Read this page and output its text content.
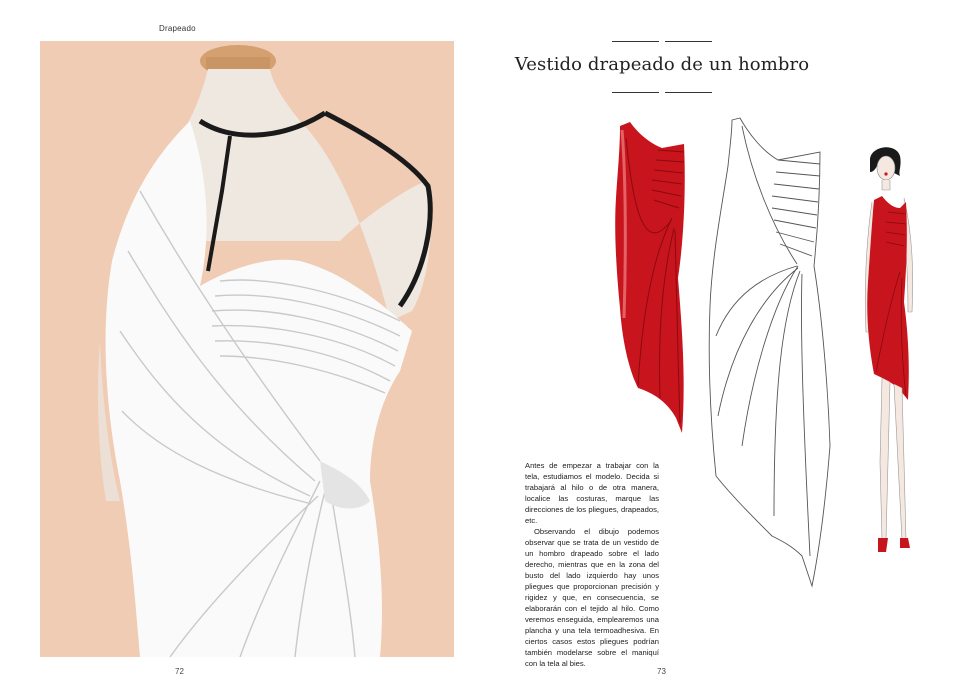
Drapeado
72
Vestido drapeado de un hombro

Antes de empezar a trabajar con la tela, estudiamos el modelo. Decida si trabajará al hilo o de otra manera, localice las costuras, marque las direcciones de los pliegues, drapeados, etc.

Observando el dibujo podemos observar que se trata de un vestido de un hombro drapeado sobre el lado derecho, mientras que en la zona del busto del lado izquierdo hay unos pliegues que proporcionan precisión y rigidez y que, en consecuencia, se elaborarán con el tejido al hilo. Como veremos enseguida, emplearemos una plancha y una tela termoadhesiva. En ciertos casos estos pliegues podrían también modelarse sobre el maniquí con la tela al bies.

73
